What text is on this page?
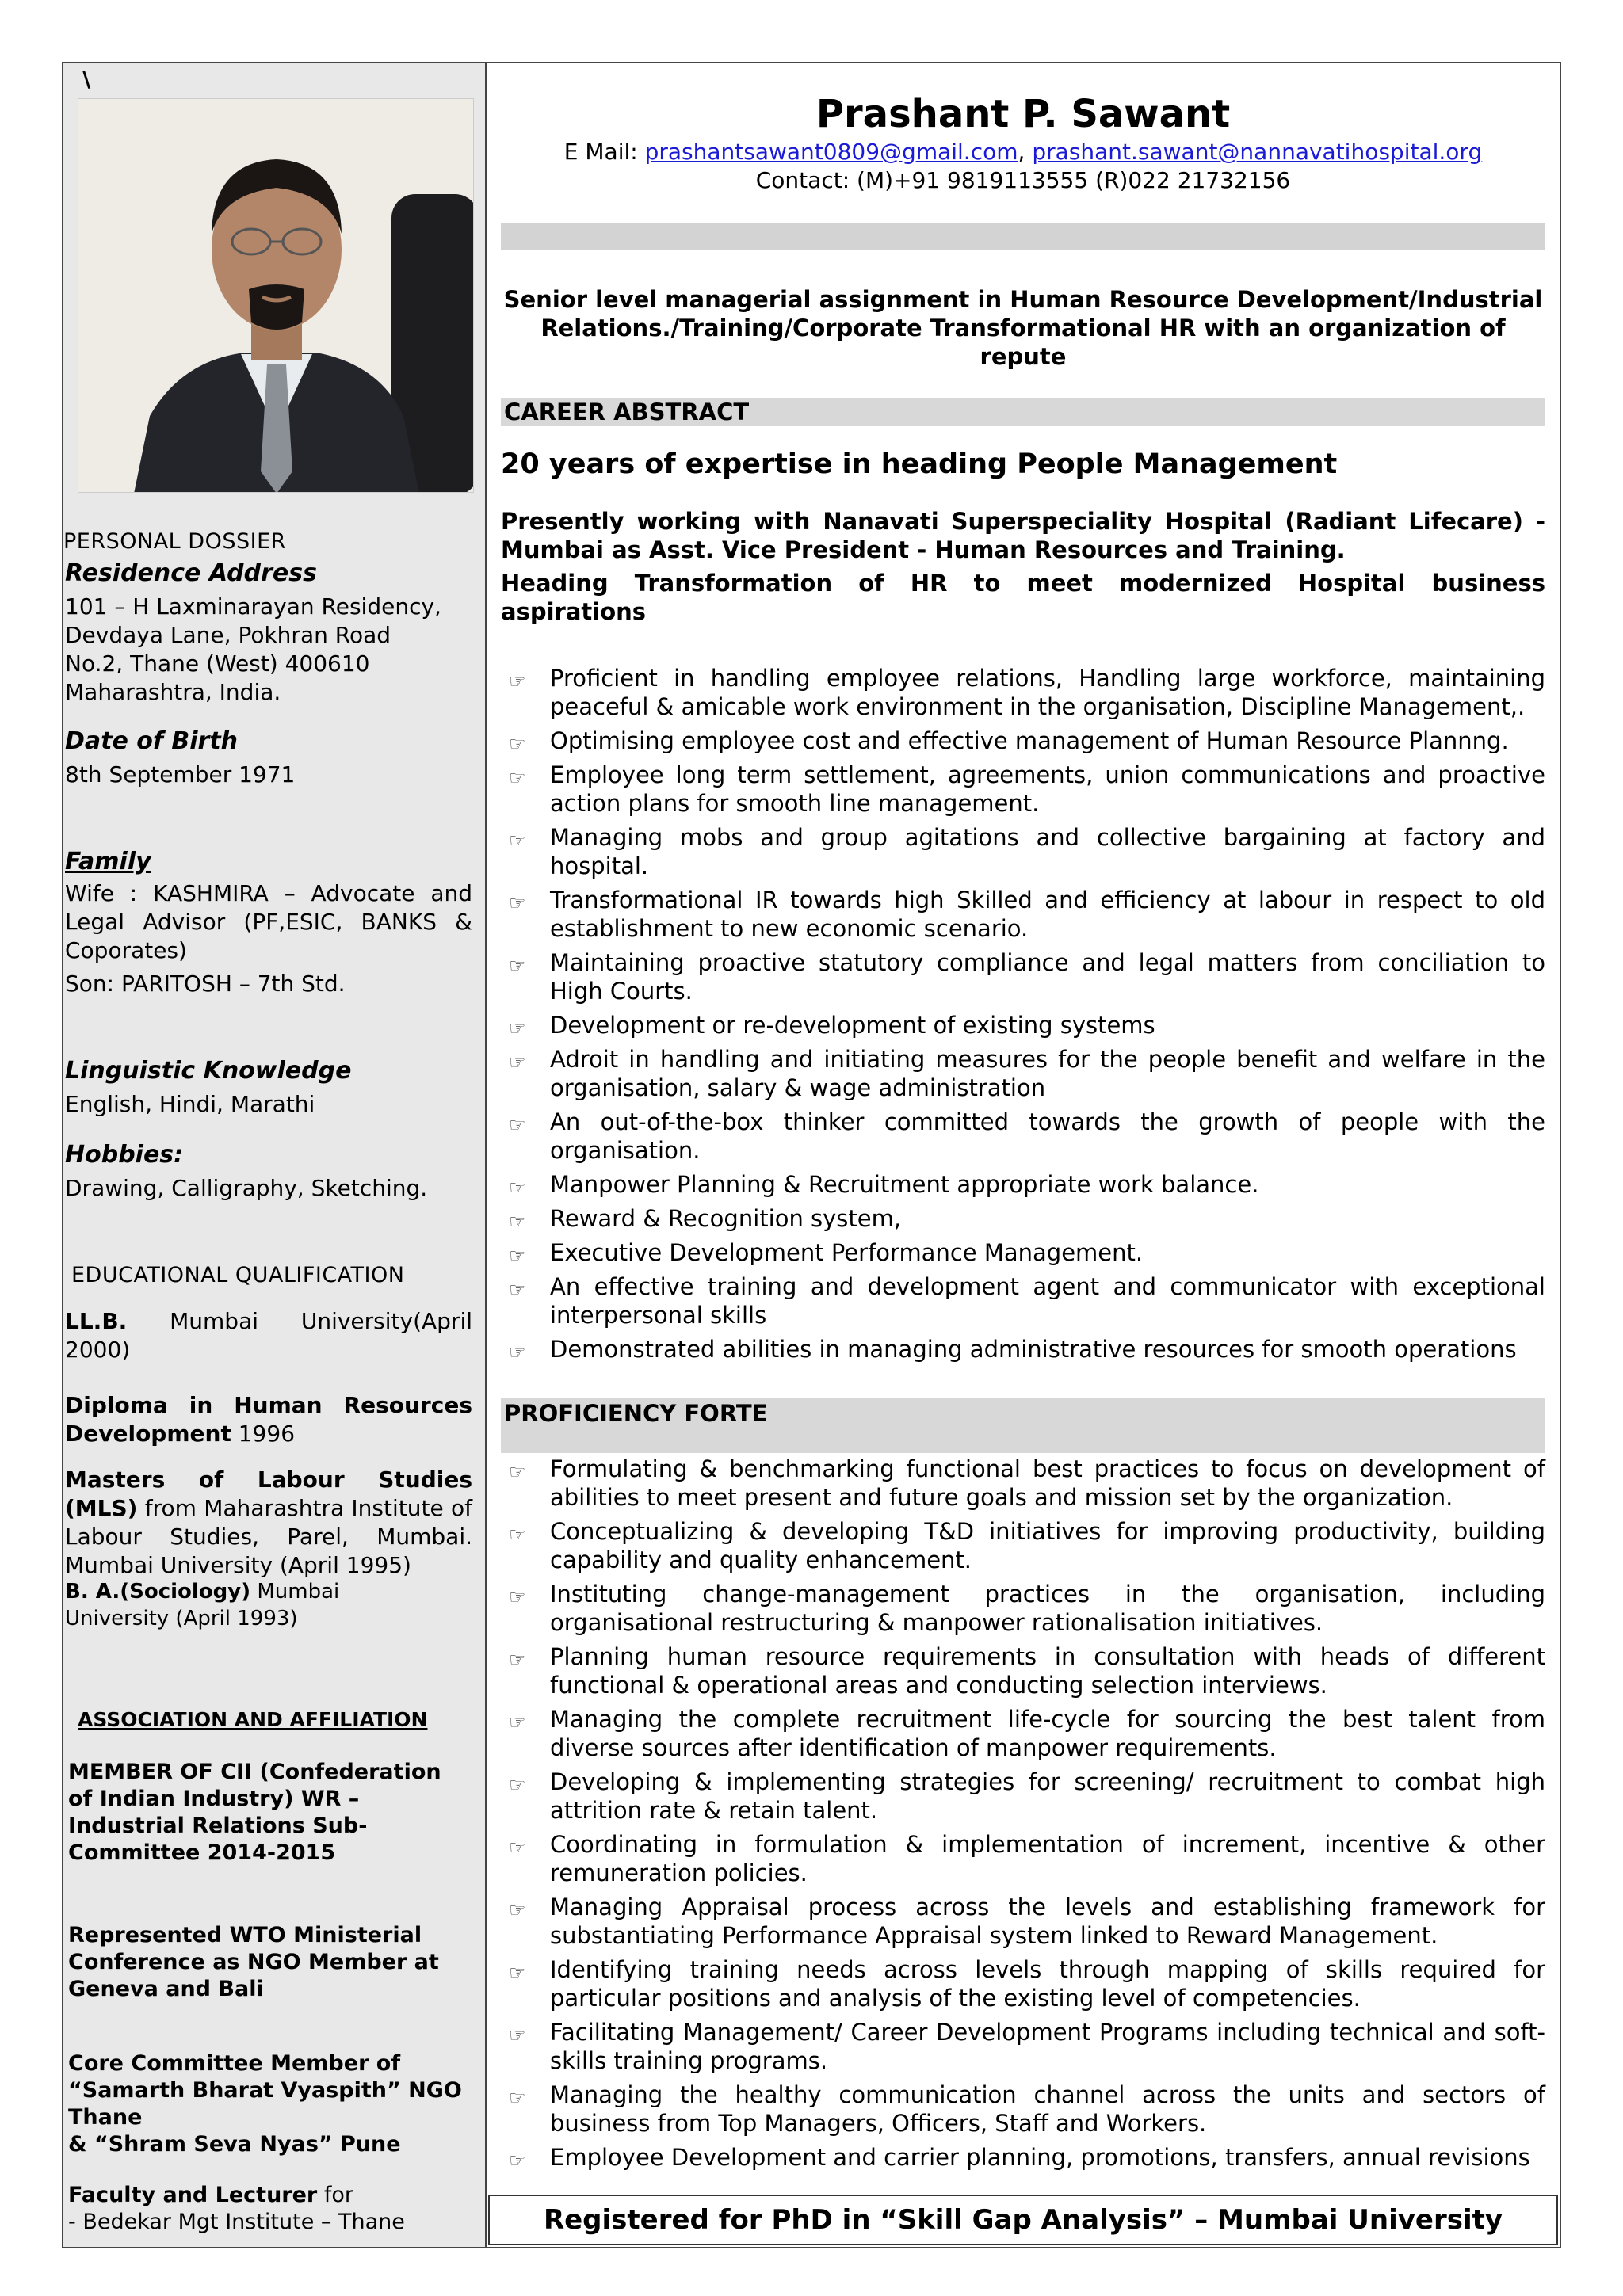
\
PERSONAL DOSSIER
Residence Address
101 – H Laxminarayan Residency,
Devdaya Lane, Pokhran Road
No.2, Thane (West) 400610
Maharashtra, India.
Date of Birth
8th September 1971
Family
Wife : KASHMIRA – Advocate and Legal Advisor (PF,ESIC, BANKS & Coporates)
Son: PARITOSH – 7th Std.
Linguistic Knowledge
English, Hindi, Marathi
Hobbies:
Drawing, Calligraphy, Sketching.
EDUCATIONAL QUALIFICATION
LL.B. Mumbai University(April 2000)
Diploma in Human Resources Development 1996
Masters of Labour Studies (MLS) from Maharashtra Institute of Labour Studies, Parel, Mumbai. Mumbai University (April 1995)
B. A.(Sociology) Mumbai University (April 1993)
ASSOCIATION AND AFFILIATION
MEMBER OF CII (Confederation of Indian Industry) WR – Industrial Relations Sub-Committee 2014-2015
Represented WTO Ministerial Conference as NGO Member at Geneva and Bali
Core Committee Member of “Samarth Bharat Vyaspith” NGO Thane
& “Shram Seva Nyas” Pune
Faculty and Lecturer for
- Bedekar Mgt Institute – Thane
Prashant P. Sawant
E Mail: prashantsawant0809@gmail.com, prashant.sawant@nannavatihospital.org
Contact: (M)+91 9819113555 (R)022 21732156
Senior level managerial assignment in Human Resource Development/Industrial Relations./Training/Corporate Transformational HR with an organization of repute
CAREER ABSTRACT
20 years of expertise in heading People Management
Presently working with Nanavati Superspeciality Hospital (Radiant Lifecare) - Mumbai as Asst. Vice President - Human Resources and Training.
Heading Transformation of HR to meet modernized Hospital business aspirations
☞ Proficient in handling employee relations, Handling large workforce, maintaining peaceful & amicable work environment in the organisation, Discipline Management,.
☞ Optimising employee cost and effective management of Human Resource Plannng.
☞ Employee long term settlement, agreements, union communications and proactive action plans for smooth line management.
☞ Managing mobs and group agitations and collective bargaining at factory and hospital.
☞ Transformational IR towards high Skilled and efficiency at labour in respect to old establishment to new economic scenario.
☞ Maintaining proactive statutory compliance and legal matters from conciliation to High Courts.
☞ Development or re-development of existing systems
☞ Adroit in handling and initiating measures for the people benefit and welfare in the organisation, salary & wage administration
☞ An out-of-the-box thinker committed towards the growth of people with the organisation.
☞ Manpower Planning & Recruitment appropriate work balance.
☞ Reward & Recognition system,
☞ Executive Development Performance Management.
☞ An effective training and development agent and communicator with exceptional interpersonal skills
☞ Demonstrated abilities in managing administrative resources for smooth operations
PROFICIENCY FORTE
☞ Formulating & benchmarking functional best practices to focus on development of abilities to meet present and future goals and mission set by the organization.
☞ Conceptualizing & developing T&D initiatives for improving productivity, building capability and quality enhancement.
☞ Instituting change-management practices in the organisation, including organisational restructuring & manpower rationalisation initiatives.
☞ Planning human resource requirements in consultation with heads of different functional & operational areas and conducting selection interviews.
☞ Managing the complete recruitment life-cycle for sourcing the best talent from diverse sources after identification of manpower requirements.
☞ Developing & implementing strategies for screening/ recruitment to combat high attrition rate & retain talent.
☞ Coordinating in formulation & implementation of increment, incentive & other remuneration policies.
☞ Managing Appraisal process across the levels and establishing framework for substantiating Performance Appraisal system linked to Reward Management.
☞ Identifying training needs across levels through mapping of skills required for particular positions and analysis of the existing level of competencies.
☞ Facilitating Management/ Career Development Programs including technical and soft-skills training programs.
☞ Managing the healthy communication channel across the units and sectors of business from Top Managers, Officers, Staff and Workers.
☞ Employee Development and carrier planning, promotions, transfers, annual revisions
Registered for PhD in “Skill Gap Analysis” – Mumbai University
